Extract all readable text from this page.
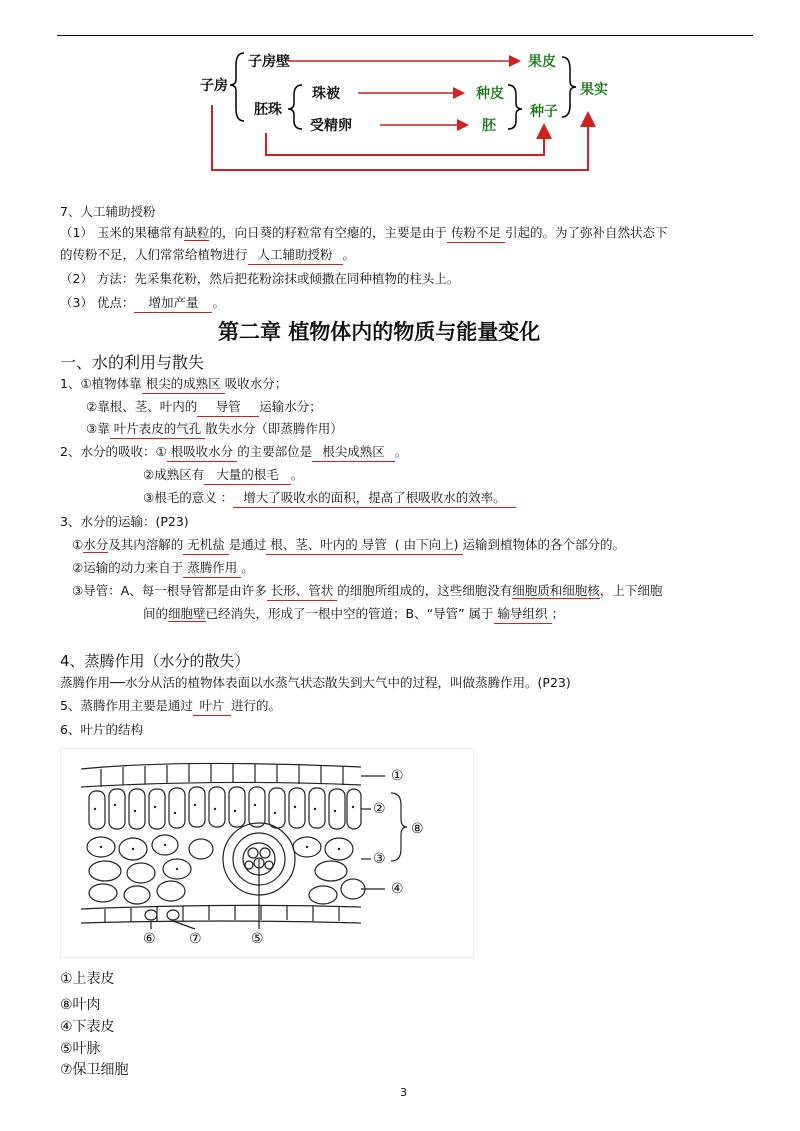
子房
子房壁	果皮
胚珠
珠被	种皮
受精卵	胚
种子
果实
7、人工辅助授粉
（1） 玉米的果穗常有缺粒的，向日葵的籽粒常有空瘪的，主要是由于 传粉不足 引起的。为了弥补自然状态下
的传粉不足，人们常常给植物进行 人工辅助授粉 。
（2） 方法：先采集花粉，然后把花粉涂抹或倾撒在同种植物的柱头上。
（3） 优点： 增加产量 。
第二章 植物体内的物质与能量变化
一、水的利用与散失
1、①植物体靠 根尖的成熟区 吸收水分；
②靠根、茎、叶内的 导管 运输水分；
③靠 叶片表皮的气孔 散失水分（即蒸腾作用）
2、水分的吸收：① 根吸收水分 的主要部位是 根尖成熟区 。
②成熟区有 大量的根毛 。
③根毛的意义 ： 增大了吸收水的面积，提高了根吸收水的效率。
3、水分的运输：(P23)
①水分及其内溶解的 无机盐 是通过 根、茎、叶内的 导管 ( 由下向上) 运输到植物体的各个部分的。
②运输的动力来自于 蒸腾作用 。
③导管：A、每一根导管都是由许多 长形、管状 的细胞所组成的，这些细胞没有细胞质和细胞核，上下细胞
间的细胞壁已经消失，形成了一根中空的管道；B、“导管” 属于 输导组织 ；
4、蒸腾作用（水分的散失）
蒸腾作用──水分从活的植物体表面以水蒸气状态散失到大气中的过程，叫做蒸腾作用。(P23)
5、蒸腾作用主要是通过 叶片 进行的。
6、叶片的结构
①
②
⑧
③
④
⑥ ⑦	⑤
①上表皮
⑧叶肉
④下表皮
⑤叶脉
⑦保卫细胞
3
